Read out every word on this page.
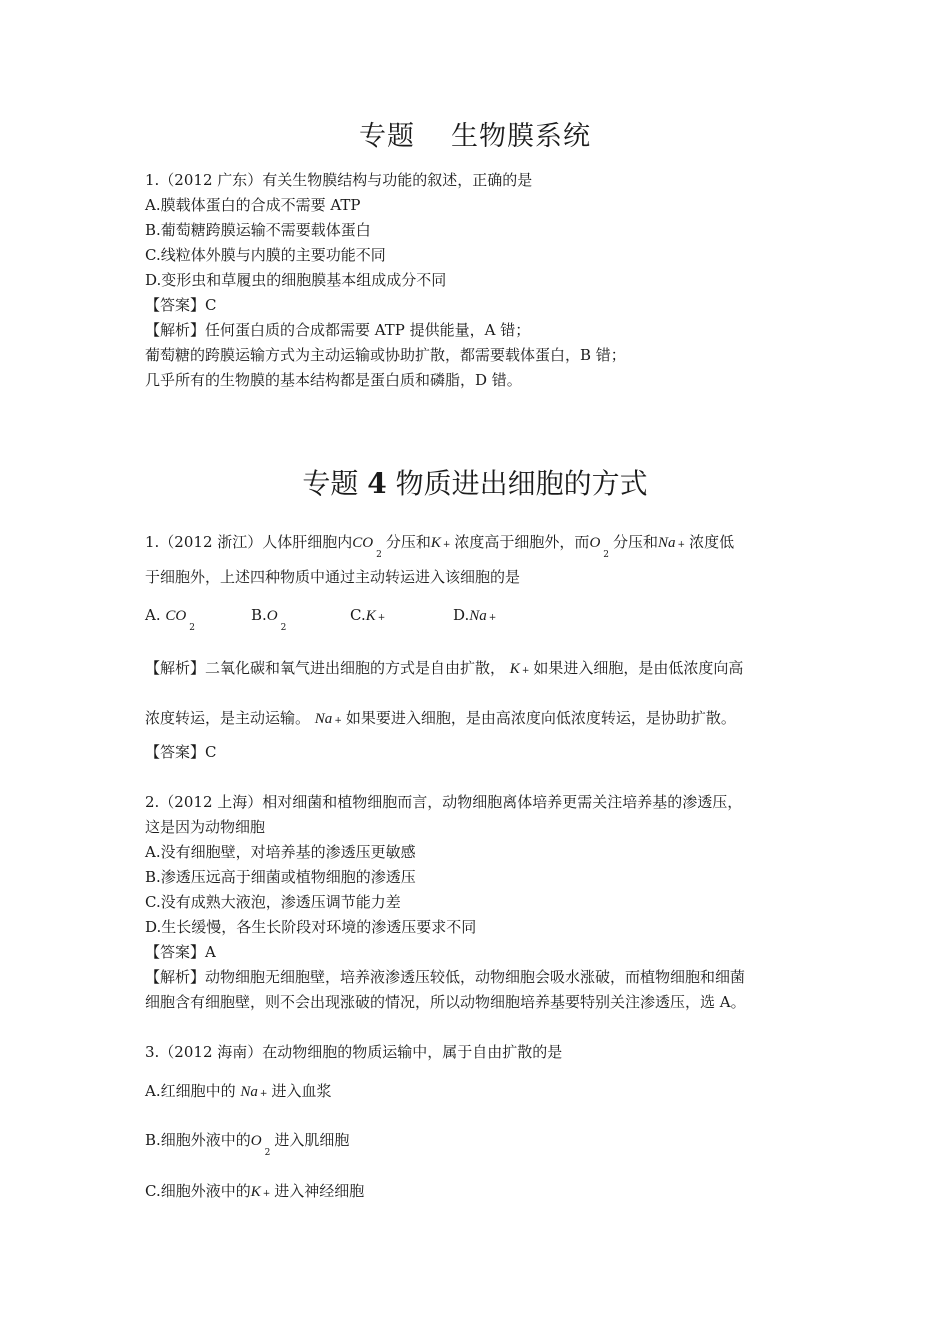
专题 生物膜系统
1.（2012 广东）有关生物膜结构与功能的叙述，正确的是
A.膜载体蛋白的合成不需要 ATP
B.葡萄糖跨膜运输不需要载体蛋白
C.线粒体外膜与内膜的主要功能不同
D.变形虫和草履虫的细胞膜基本组成成分不同
【答案】C
【解析】任何蛋白质的合成都需要 ATP 提供能量，A 错；
葡萄糖的跨膜运输方式为主动运输或协助扩散，都需要载体蛋白，B 错；
几乎所有的生物膜的基本结构都是蛋白质和磷脂，D 错。
专题 4 物质进出细胞的方式
1.（2012 浙江）人体肝细胞内$CO_2$分压和K + 浓度高于细胞外，而$O_2$分压和Na + 浓度低
于细胞外，上述四种物质中通过主动转运进入该细胞的是
A. $CO_2$
$B.O_2$
C.K +	D.Na +
【解析】二氧化碳和氧气进出细胞的方式是自由扩散， K + 如果进入细胞，是由低浓度向高
浓度转运，是主动运输。 Na + 如果要进入细胞，是由高浓度向低浓度转运，是协助扩散。
【答案】C
2.（2012 上海）相对细菌和植物细胞而言，动物细胞离体培养更需关注培养基的渗透压，
这是因为动物细胞
A.没有细胞壁，对培养基的渗透压更敏感
B.渗透压远高于细菌或植物细胞的渗透压
C.没有成熟大液泡，渗透压调节能力差
D.生长缓慢，各生长阶段对环境的渗透压要求不同
【答案】A
【解析】动物细胞无细胞壁，培养液渗透压较低，动物细胞会吸水涨破，而植物细胞和细菌
细胞含有细胞壁，则不会出现涨破的情况，所以动物细胞培养基要特别关注渗透压，选 A。
3.（2012 海南）在动物细胞的物质运输中，属于自由扩散的是
A.红细胞中的 Na + 进入血浆
B.细胞外液中的$O_2$进入肌细胞
C.细胞外液中的K + 进入神经细胞
